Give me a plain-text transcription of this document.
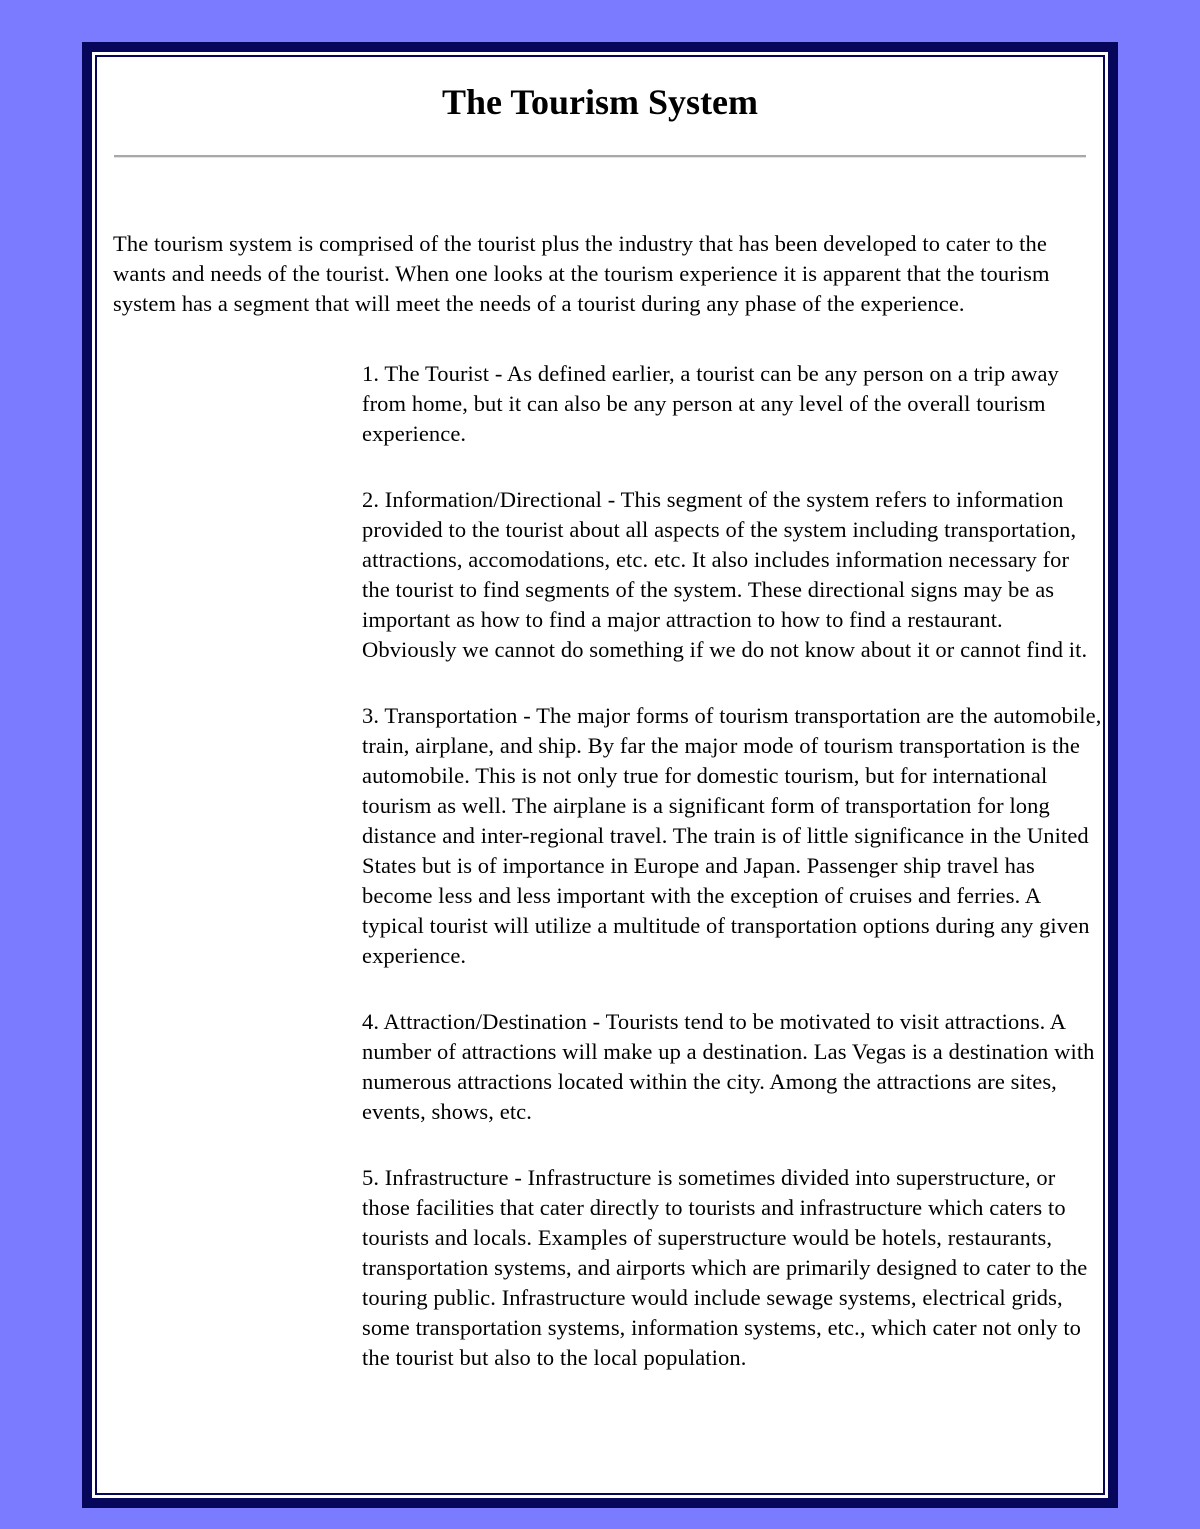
The Tourism System

The tourism system is comprised of the tourist plus the industry that has been developed to cater to the wants and needs of the tourist. When one looks at the tourism experience it is apparent that the tourism system has a segment that will meet the needs of a tourist during any phase of the experience.

1. The Tourist - As defined earlier, a tourist can be any person on a trip away from home, but it can also be any person at any level of the overall tourism experience.
2. Information/Directional - This segment of the system refers to information provided to the tourist about all aspects of the system including transportation, attractions, accomodations, etc. etc. It also includes information necessary for the tourist to find segments of the system. These directional signs may be as important as how to find a major attraction to how to find a restaurant. Obviously we cannot do something if we do not know about it or cannot find it.
3. Transportation - The major forms of tourism transportation are the automobile, train, airplane, and ship. By far the major mode of tourism transportation is the automobile. This is not only true for domestic tourism, but for international tourism as well. The airplane is a significant form of transportation for long distance and inter-regional travel. The train is of little significance in the United States but is of importance in Europe and Japan. Passenger ship travel has become less and less important with the exception of cruises and ferries. A typical tourist will utilize a multitude of transportation options during any given experience.
4. Attraction/Destination - Tourists tend to be motivated to visit attractions. A number of attractions will make up a destination. Las Vegas is a destination with numerous attractions located within the city. Among the attractions are sites, events, shows, etc.
5. Infrastructure - Infrastructure is sometimes divided into superstructure, or those facilities that cater directly to tourists and infrastructure which caters to tourists and locals. Examples of superstructure would be hotels, restaurants, transportation systems, and airports which are primarily designed to cater to the touring public. Infrastructure would include sewage systems, electrical grids, some transportation systems, information systems, etc., which cater not only to the tourist but also to the local population.
